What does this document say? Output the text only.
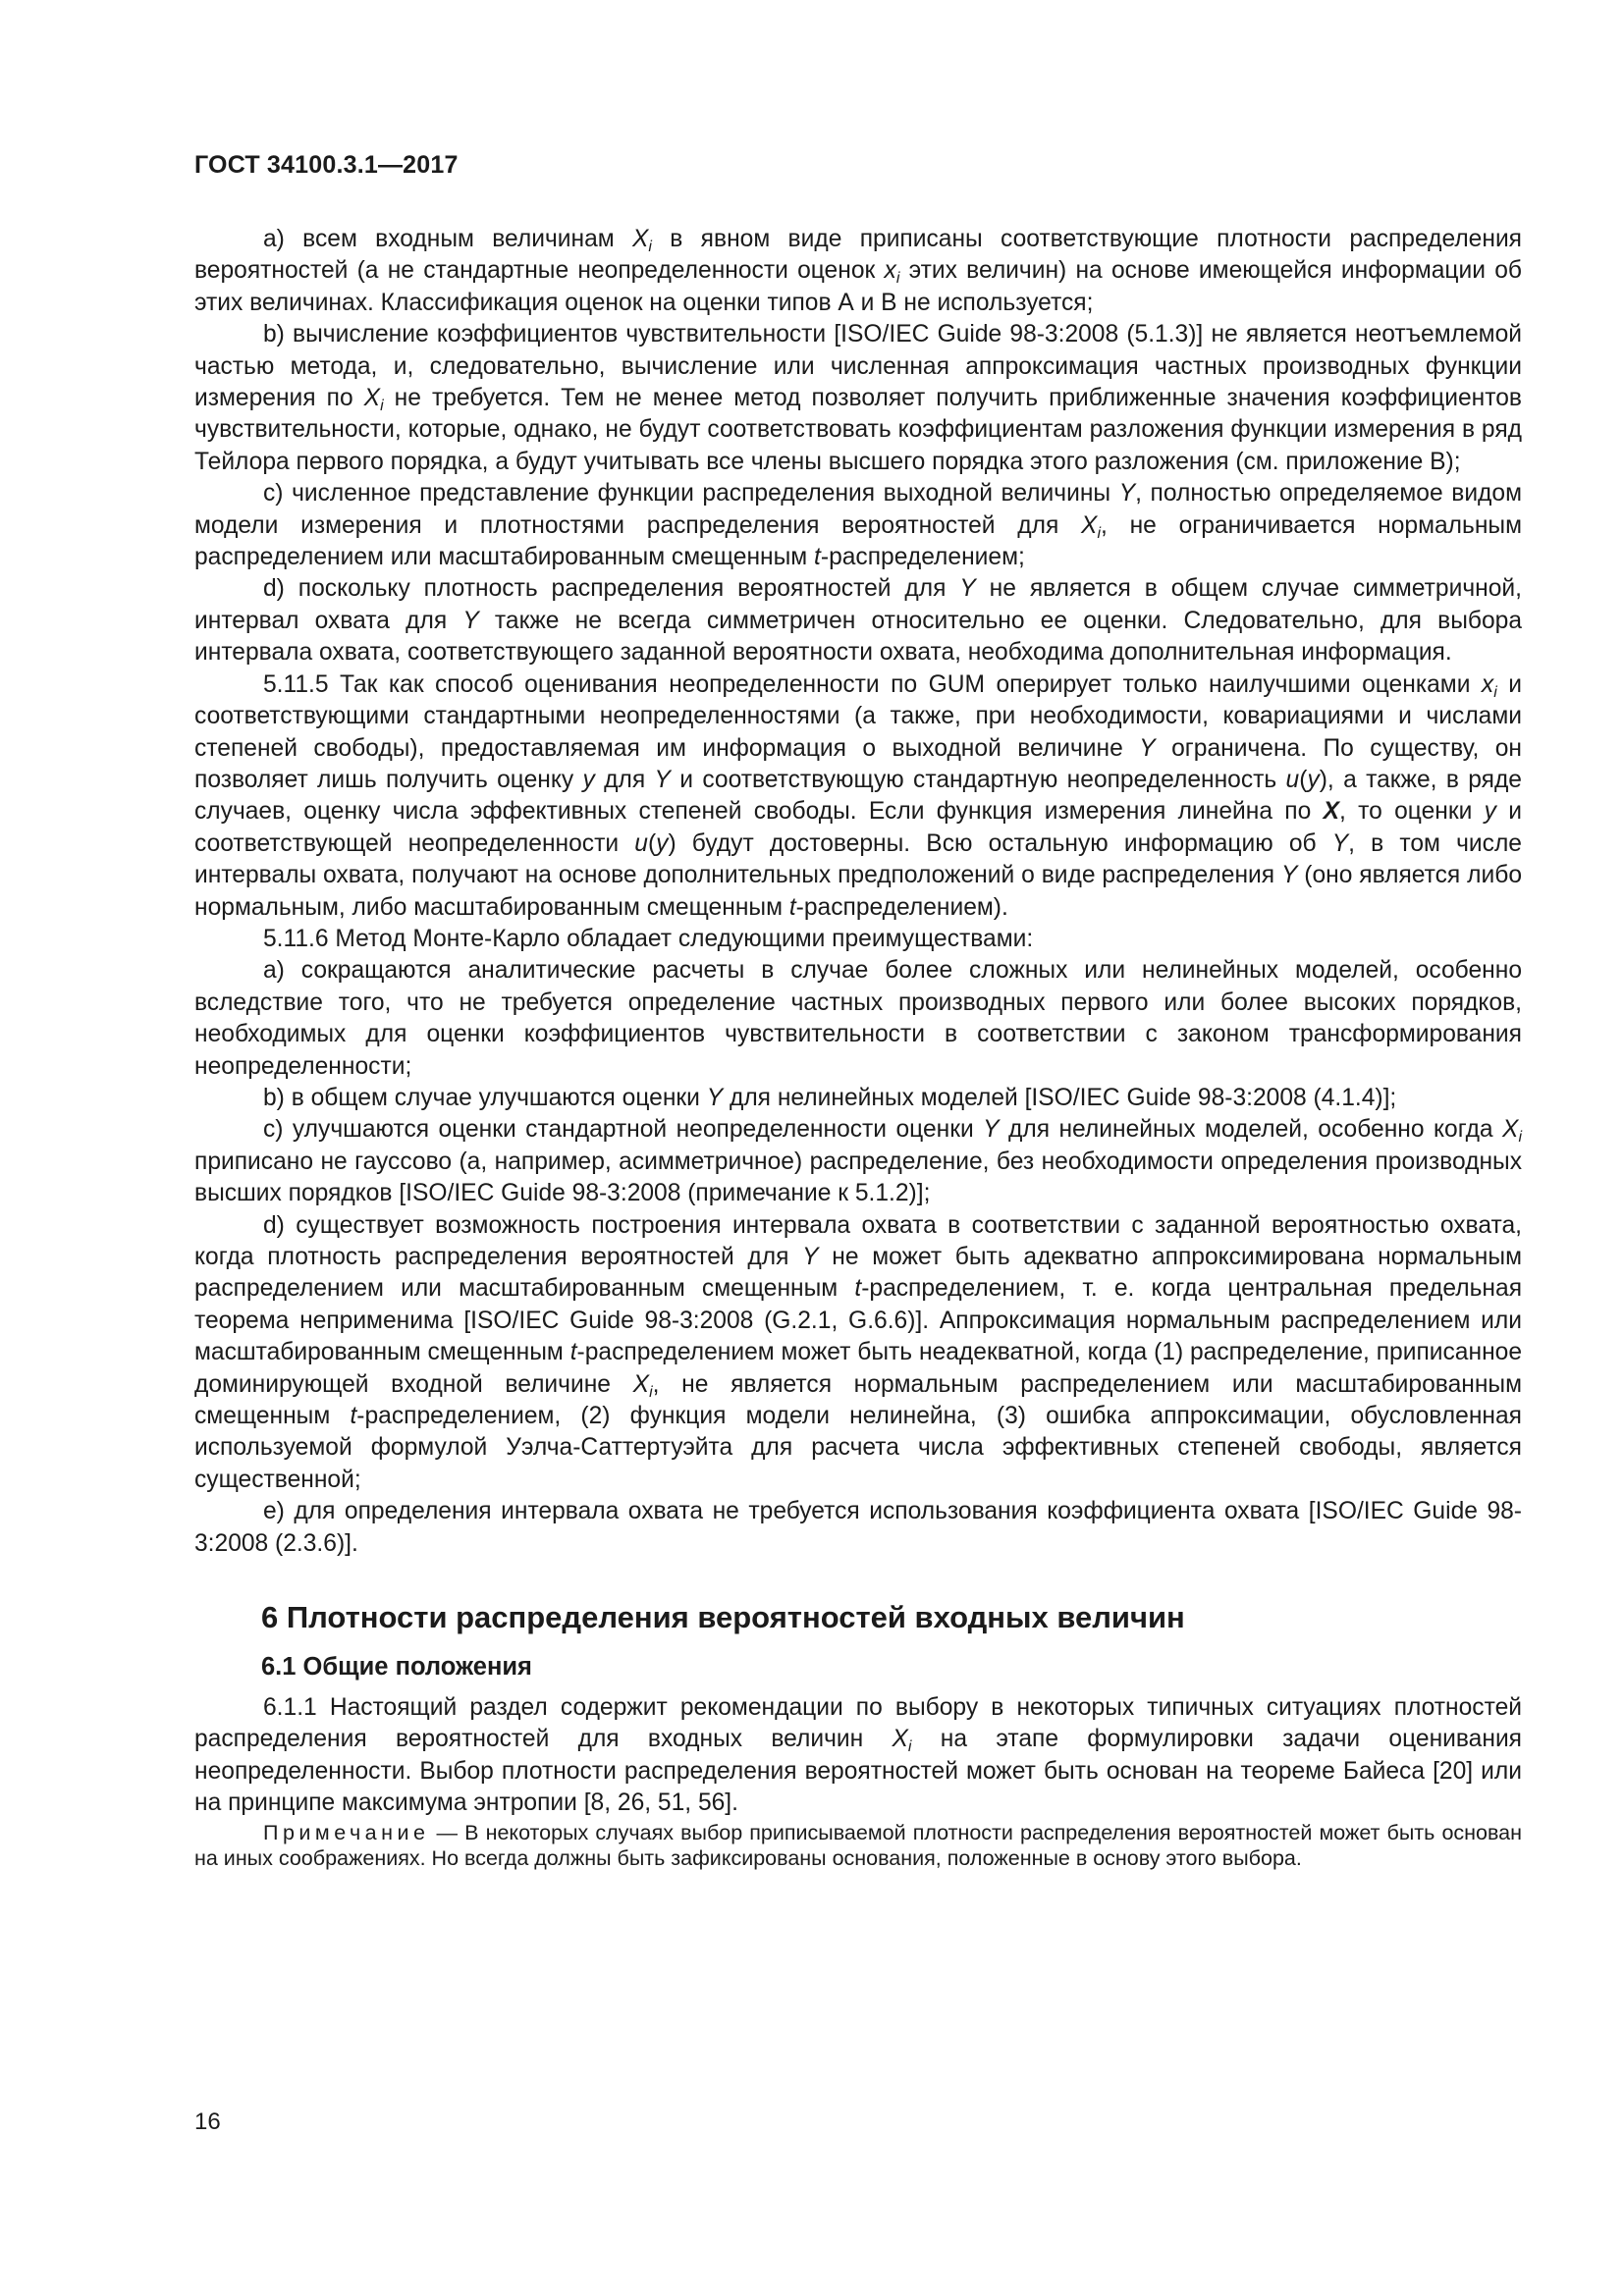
ГОСТ 34100.3.1—2017

а) всем входным величинам $X_i$ в явном виде приписаны соответствующие плотности распределения вероятностей (а не стандартные неопределенности оценок $x_i$ этих величин) на основе имеющейся информации об этих величинах. Классификация оценок на оценки типов А и В не используется;

b) вычисление коэффициентов чувствительности [ISO/IEC Guide 98-3:2008 (5.1.3)] не является неотъемлемой частью метода, и, следовательно, вычисление или численная аппроксимация частных производных функции измерения по $X_i$ не требуется. Тем не менее метод позволяет получить приближенные значения коэффициентов чувствительности, которые, однако, не будут соответствовать коэффициентам разложения функции измерения в ряд Тейлора первого порядка, а будут учитывать все члены высшего порядка этого разложения (см. приложение В);

с) численное представление функции распределения выходной величины Y, полностью определяемое видом модели измерения и плотностями распределения вероятностей для $X_i$, не ограничивается нормальным распределением или масштабированным смещенным t-распределением;

d) поскольку плотность распределения вероятностей для Y не является в общем случае симметричной, интервал охвата для Y также не всегда симметричен относительно ее оценки. Следовательно, для выбора интервала охвата, соответствующего заданной вероятности охвата, необходима дополнительная информация.

5.11.5 Так как способ оценивания неопределенности по GUM оперирует только наилучшими оценками $x_i$ и соответствующими стандартными неопределенностями (а также, при необходимости, ковариациями и числами степеней свободы), предоставляемая им информация о выходной величине Y ограничена. По существу, он позволяет лишь получить оценку y для Y и соответствующую стандартную неопределенность u(y), а также, в ряде случаев, оценку числа эффективных степеней свободы. Если функция измерения линейна по X, то оценки y и соответствующей неопределенности u(y) будут достоверны. Всю остальную информацию об Y, в том числе интервалы охвата, получают на основе дополнительных предположений о виде распределения Y (оно является либо нормальным, либо масштабированным смещенным t-распределением).

5.11.6 Метод Монте-Карло обладает следующими преимуществами:

а) сокращаются аналитические расчеты в случае более сложных или нелинейных моделей, особенно вследствие того, что не требуется определение частных производных первого или более высоких порядков, необходимых для оценки коэффициентов чувствительности в соответствии с законом трансформирования неопределенности;

b) в общем случае улучшаются оценки Y для нелинейных моделей [ISO/IEC Guide 98-3:2008 (4.1.4)];

с) улучшаются оценки стандартной неопределенности оценки Y для нелинейных моделей, особенно когда $X_i$ приписано не гауссово (а, например, асимметричное) распределение, без необходимости определения производных высших порядков [ISO/IEC Guide 98-3:2008 (примечание к 5.1.2)];

d) существует возможность построения интервала охвата в соответствии с заданной вероятностью охвата, когда плотность распределения вероятностей для Y не может быть адекватно аппроксимирована нормальным распределением или масштабированным смещенным t-распределением, т. е. когда центральная предельная теорема неприменима [ISO/IEC Guide 98-3:2008 (G.2.1, G.6.6)]. Аппроксимация нормальным распределением или масштабированным смещенным t-распределением может быть неадекватной, когда (1) распределение, приписанное доминирующей входной величине $X_i$, не является нормальным распределением или масштабированным смещенным t-распределением, (2) функция модели нелинейна, (3) ошибка аппроксимации, обусловленная используемой формулой Уэлча-Саттертуэйта для расчета числа эффективных степеней свободы, является существенной;

е) для определения интервала охвата не требуется использования коэффициента охвата [ISO/IEC Guide 98-3:2008 (2.3.6)].

6 Плотности распределения вероятностей входных величин
6.1 Общие положения

6.1.1 Настоящий раздел содержит рекомендации по выбору в некоторых типичных ситуациях плотностей распределения вероятностей для входных величин $X_i$ на этапе формулировки задачи оценивания неопределенности. Выбор плотности распределения вероятностей может быть основан на теореме Байеса [20] или на принципе максимума энтропии [8, 26, 51, 56].

Примечание — В некоторых случаях выбор приписываемой плотности распределения вероятностей может быть основан на иных соображениях. Но всегда должны быть зафиксированы основания, положенные в основу этого выбора.

16
